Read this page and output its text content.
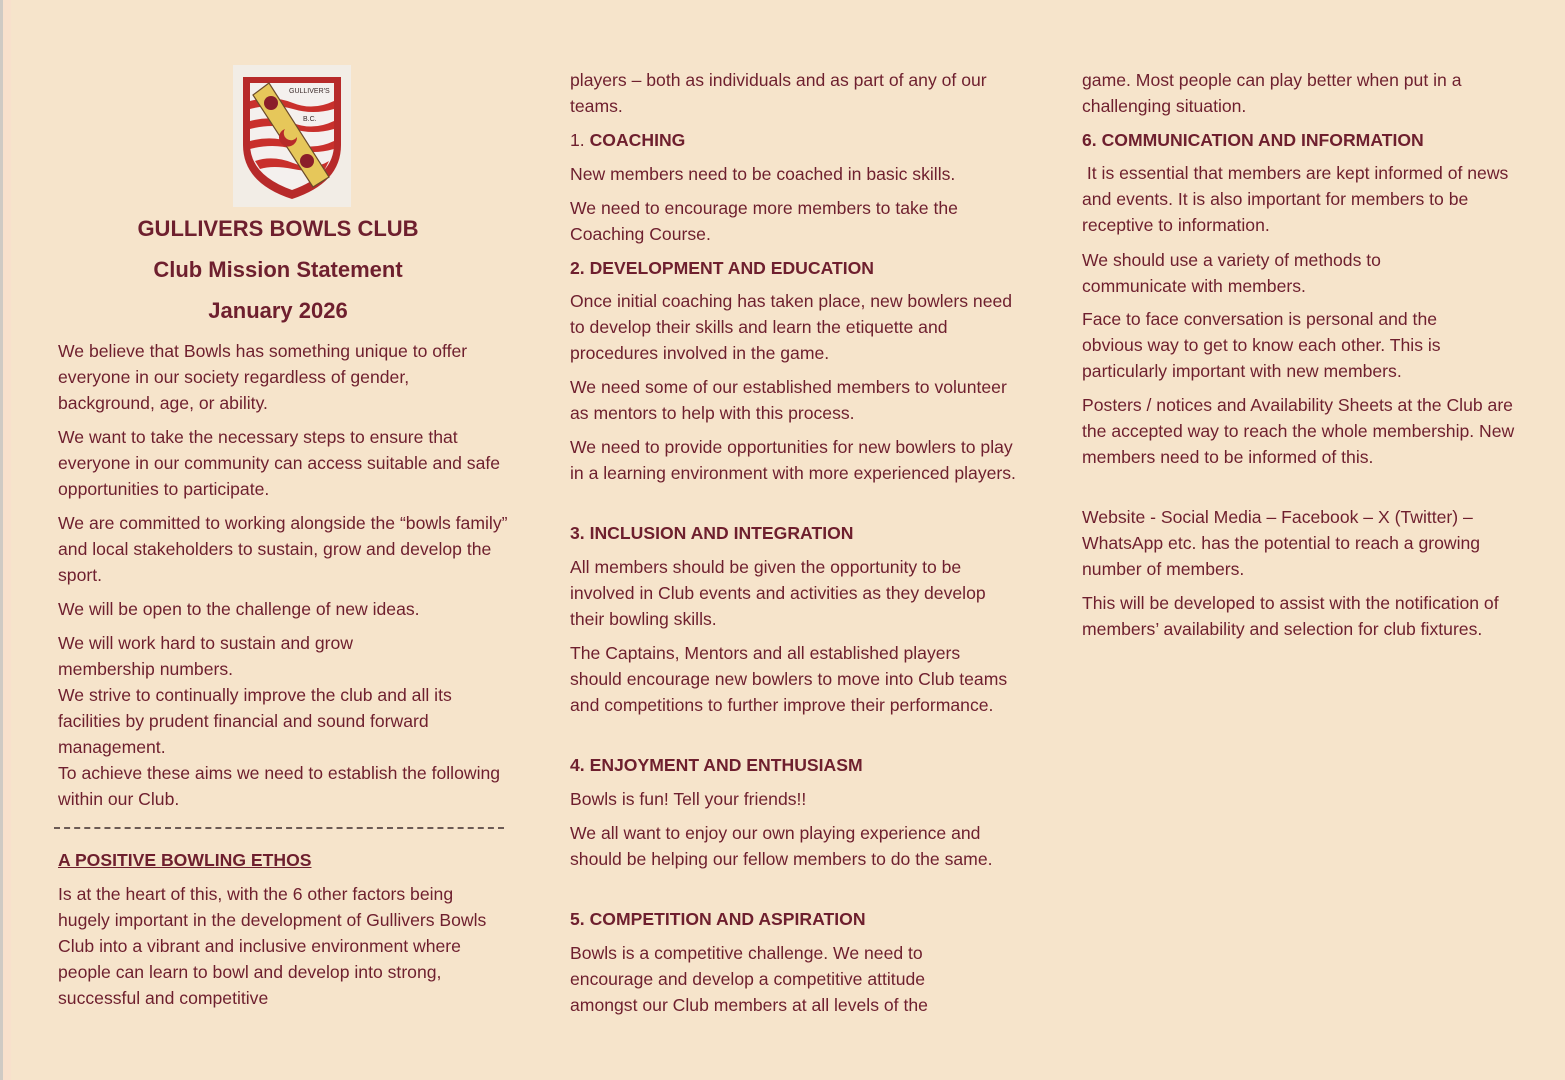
GULLIVER'S
B.C.
GULLIVERS BOWLS CLUB
Club Mission Statement
January 2026

We believe that Bowls has something unique to offer everyone in our society regardless of gender, background, age, or ability.

We want to take the necessary steps to ensure that everyone in our community can access suitable and safe opportunities to participate.

We are committed to working alongside the “bowls family” and local stakeholders to sustain, grow and develop the sport.

We will be open to the challenge of new ideas.

We will work hard to sustain and grow membership numbers.

We strive to continually improve the club and all its facilities by prudent financial and sound forward management.

To achieve these aims we need to establish the following within our Club.

A POSITIVE BOWLING ETHOS

Is at the heart of this, with the 6 other factors being hugely important in the development of Gullivers Bowls Club into a vibrant and inclusive environment where people can learn to bowl and develop into strong, successful and competitive

players – both as individuals and as part of any of our teams.

1. COACHING

New members need to be coached in basic skills.

We need to encourage more members to take the Coaching Course.

2. DEVELOPMENT AND EDUCATION

Once initial coaching has taken place, new bowlers need to develop their skills and learn the etiquette and procedures involved in the game.

We need some of our established members to volunteer as mentors to help with this process.

We need to provide opportunities for new bowlers to play in a learning environment with more experienced players.

3. INCLUSION AND INTEGRATION

All members should be given the opportunity to be involved in Club events and activities as they develop their bowling skills.

The Captains, Mentors and all established players should encourage new bowlers to move into Club teams and competitions to further improve their performance.

4. ENJOYMENT AND ENTHUSIASM

Bowls is fun! Tell your friends!!

We all want to enjoy our own playing experience and should be helping our fellow members to do the same.

5. COMPETITION AND ASPIRATION

Bowls is a competitive challenge. We need to encourage and develop a competitive attitude amongst our Club members at all levels of the

game. Most people can play better when put in a challenging situation.

6. COMMUNICATION AND INFORMATION

It is essential that members are kept informed of news and events. It is also important for members to be receptive to information.

We should use a variety of methods to communicate with members.

Face to face conversation is personal and the obvious way to get to know each other. This is particularly important with new members.

Posters / notices and Availability Sheets at the Club are the accepted way to reach the whole membership. New members need to be informed of this.

Website - Social Media – Facebook – X (Twitter) – WhatsApp etc. has the potential to reach a growing number of members.

This will be developed to assist with the notification of members’ availability and selection for club fixtures.
